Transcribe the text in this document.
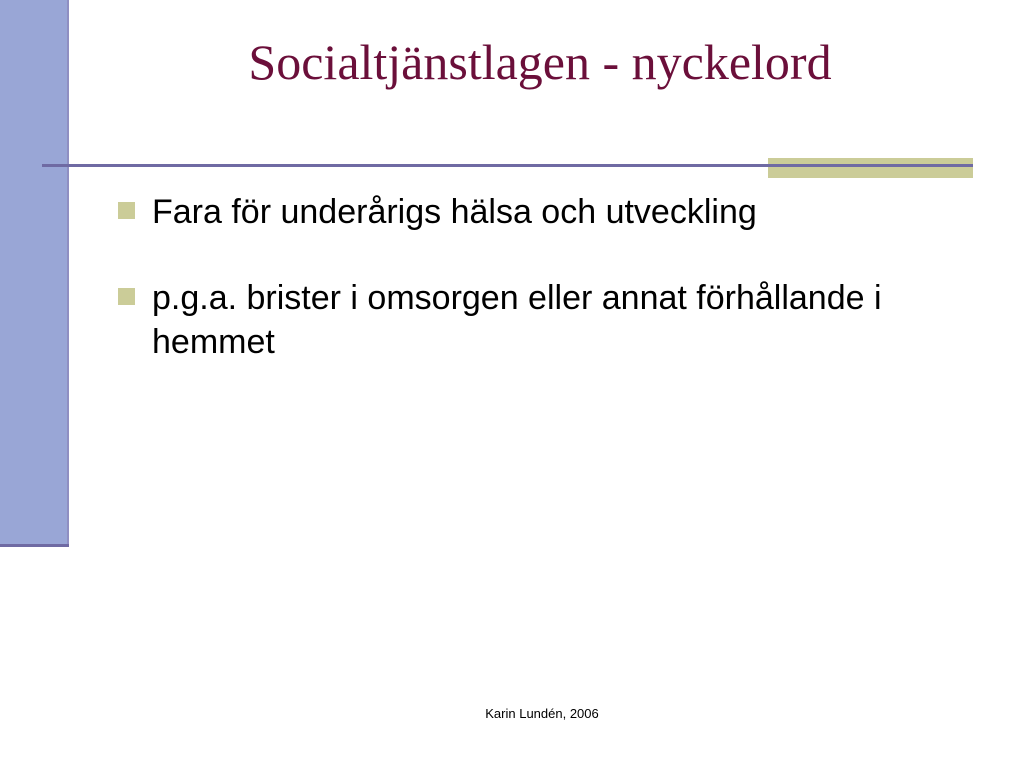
Socialtjänstlagen - nyckelord
Fara för underårigs hälsa och utveckling
p.g.a. brister i omsorgen eller annat förhållande i hemmet
Karin Lundén, 2006
